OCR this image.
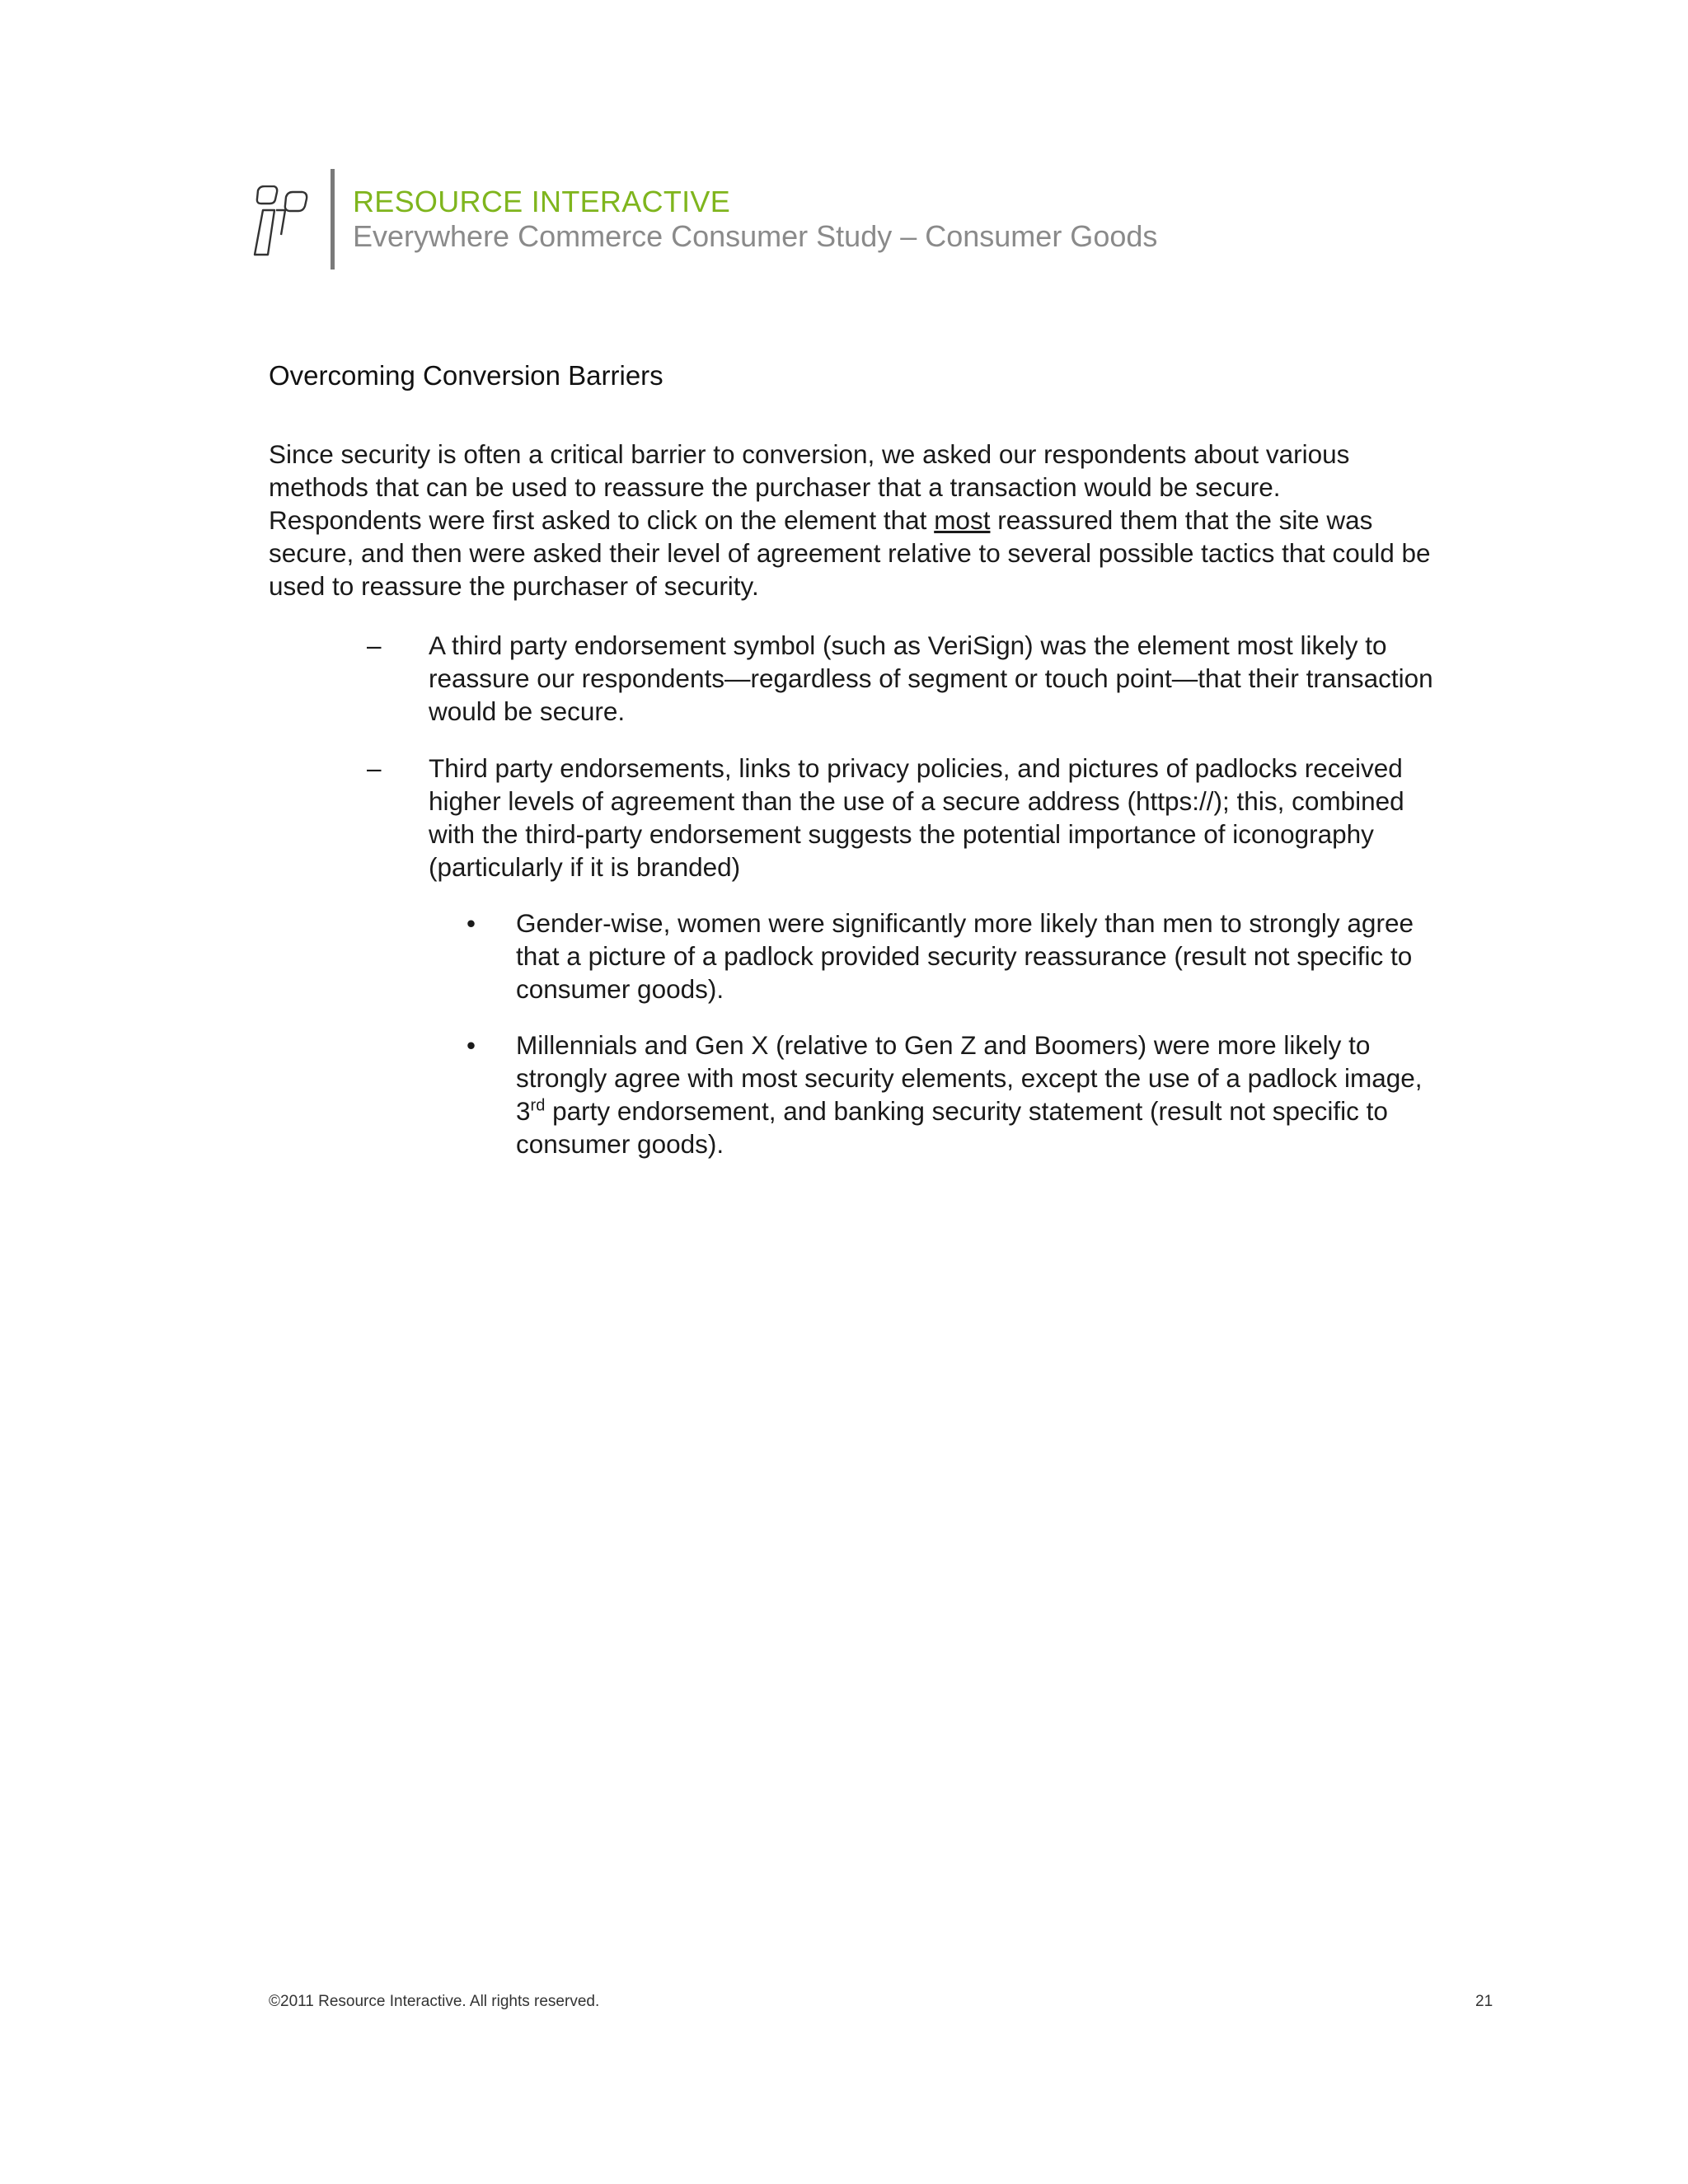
RESOURCE INTERACTIVE
Everywhere Commerce Consumer Study – Consumer Goods
Overcoming Conversion Barriers
Since security is often a critical barrier to conversion, we asked our respondents about various methods that can be used to reassure the purchaser that a transaction would be secure. Respondents were first asked to click on the element that most reassured them that the site was secure, and then were asked their level of agreement relative to several possible tactics that could be used to reassure the purchaser of security.
– A third party endorsement symbol (such as VeriSign) was the element most likely to reassure our respondents—regardless of segment or touch point—that their transaction would be secure.
– Third party endorsements, links to privacy policies, and pictures of padlocks received higher levels of agreement than the use of a secure address (https://); this, combined with the third-party endorsement suggests the potential importance of iconography (particularly if it is branded)
• Gender-wise, women were significantly more likely than men to strongly agree that a picture of a padlock provided security reassurance (result not specific to consumer goods).
• Millennials and Gen X (relative to Gen Z and Boomers) were more likely to strongly agree with most security elements, except the use of a padlock image, 3rd party endorsement, and banking security statement (result not specific to consumer goods).
©2011 Resource Interactive. All rights reserved.	21
